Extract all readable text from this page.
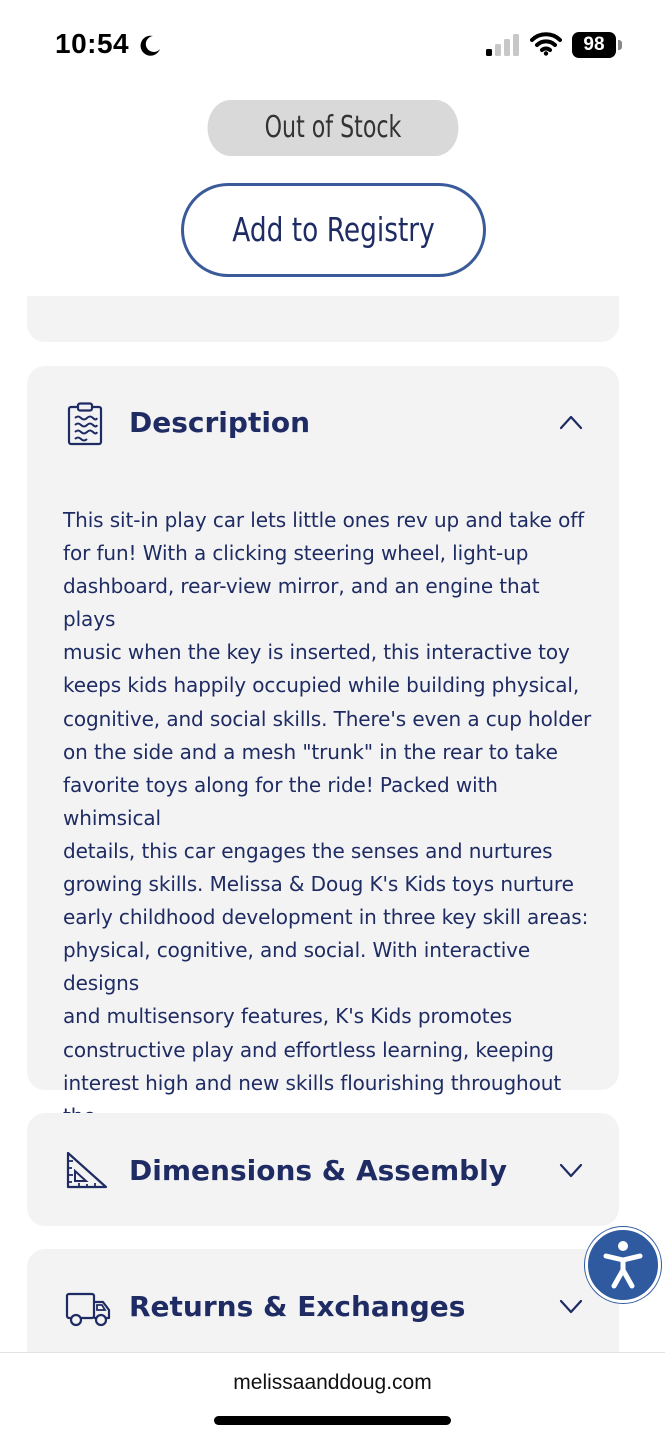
10:54	98
Out of Stock
Add to Registry
Description
This sit-in play car lets little ones rev up and take off
for fun! With a clicking steering wheel, light-up
dashboard, rear-view mirror, and an engine that plays
music when the key is inserted, this interactive toy
keeps kids happily occupied while building physical,
cognitive, and social skills. There's even a cup holder
on the side and a mesh "trunk" in the rear to take
favorite toys along for the ride! Packed with whimsical
details, this car engages the senses and nurtures
growing skills. Melissa & Doug K's Kids toys nurture
early childhood development in three key skill areas:
physical, cognitive, and social. With interactive designs
and multisensory features, K's Kids promotes
constructive play and effortless learning, keeping
interest high and new skills flourishing throughout
Dimensions & Assembly
Returns & Exchanges
melissaanddoug.com
